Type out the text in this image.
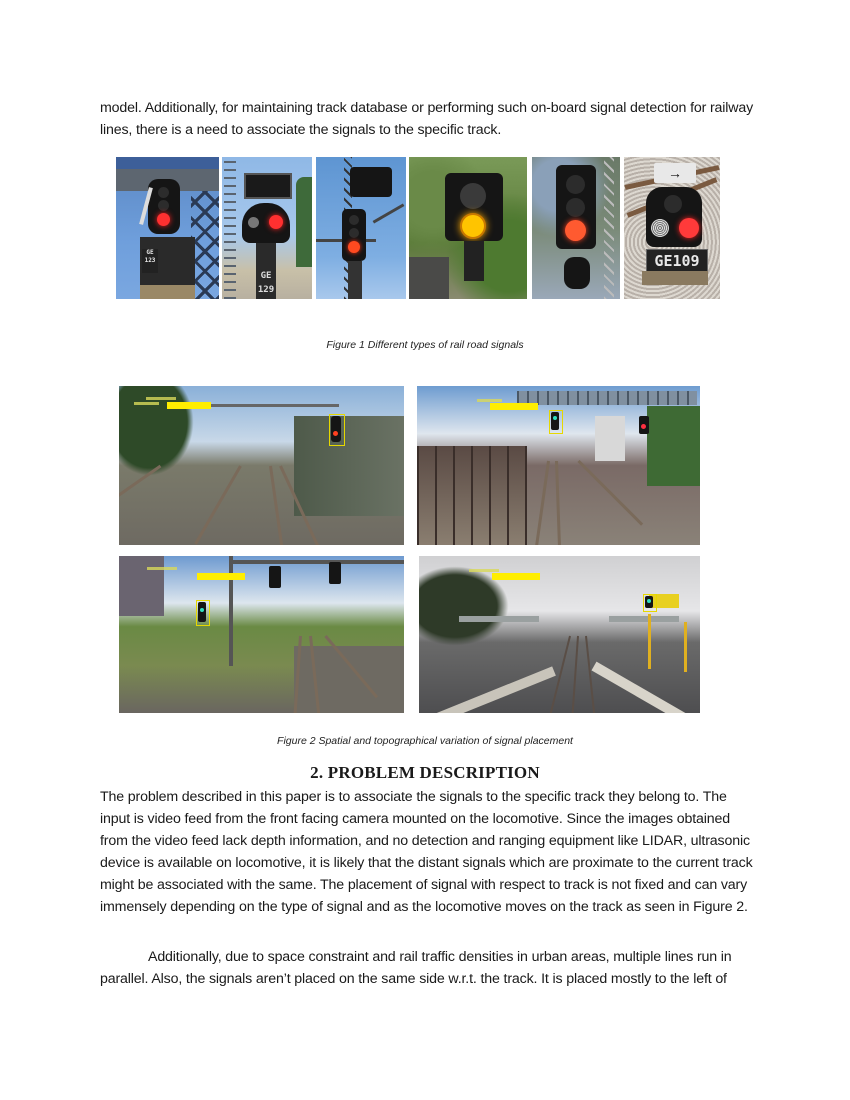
model. Additionally, for maintaining track database or performing such on-board signal detection for railway lines, there is a need to associate the signals to the specific track.

GE 123
GE 129
→
GE109
Figure 1 Different types of rail road signals
Figure 2 Spatial and topographical variation of signal placement
2. PROBLEM DESCRIPTION

The problem described in this paper is to associate the signals to the specific track they belong to. The input is video feed from the front facing camera mounted on the locomotive. Since the images obtained from the video feed lack depth information, and no detection and ranging equipment like LIDAR, ultrasonic device is available on locomotive, it is likely that the distant signals which are proximate to the current track might be associated with the same. The placement of signal with respect to track is not fixed and can vary immensely depending on the type of signal and as the locomotive moves on the track as seen in Figure 2.

Additionally, due to space constraint and rail traffic densities in urban areas, multiple lines run in parallel. Also, the signals aren’t placed on the same side w.r.t. the track. It is placed mostly to the left of
